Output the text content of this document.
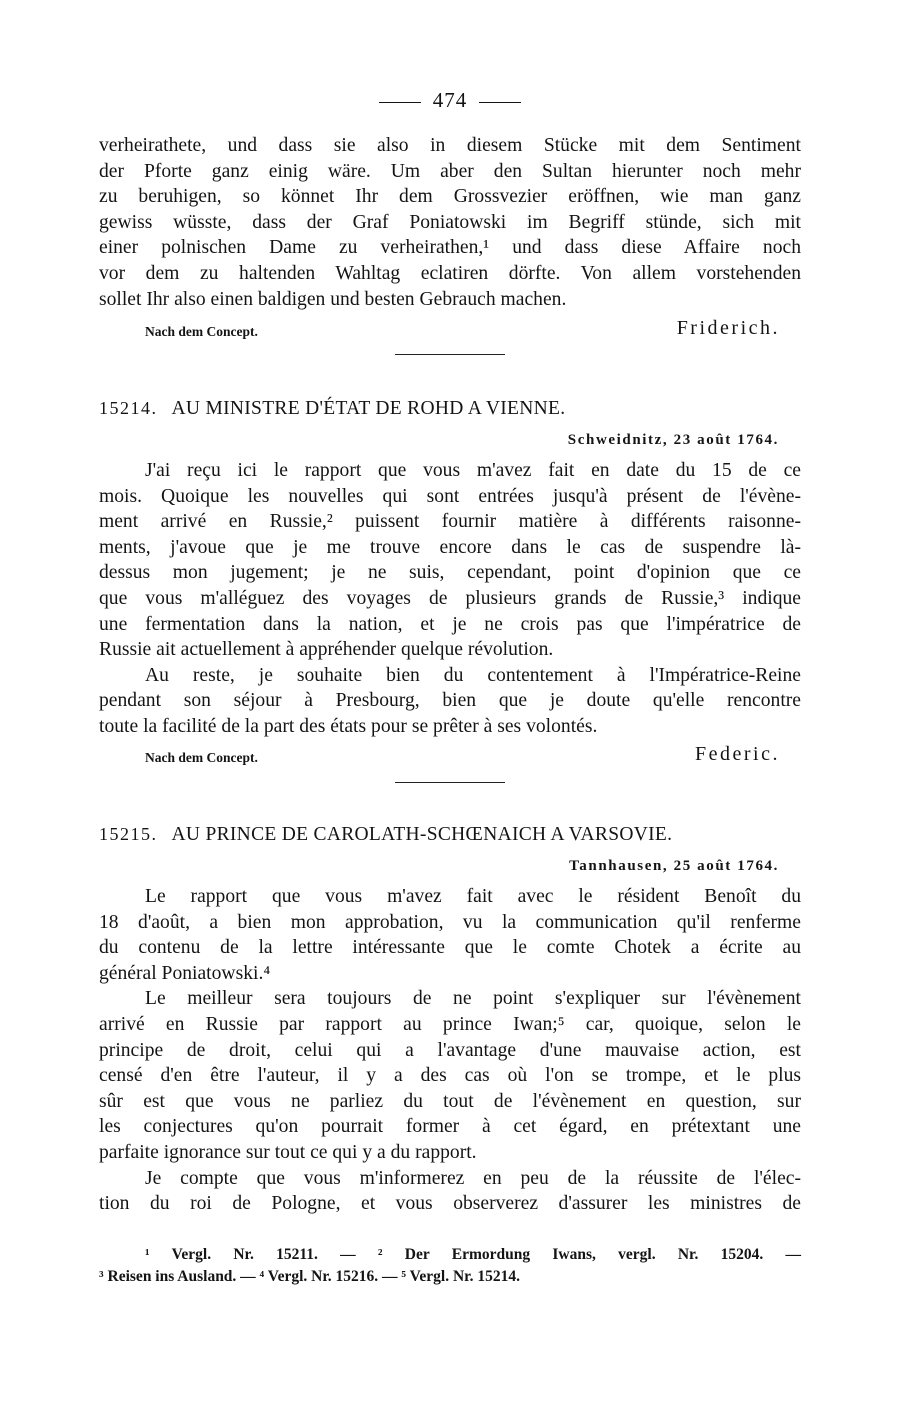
474
verheirathete, und dass sie also in diesem Stücke mit dem Sentiment
der Pforte ganz einig wäre. Um aber den Sultan hierunter noch mehr
zu beruhigen, so könnet Ihr dem Grossvezier eröffnen, wie man ganz
gewiss wüsste, dass der Graf Poniatowski im Begriff stünde, sich mit
einer polnischen Dame zu verheirathen,¹ und dass diese Affaire noch
vor dem zu haltenden Wahltag eclatiren dörfte. Von allem vorstehenden
sollet Ihr also einen baldigen und besten Gebrauch machen.
Nach dem Concept.	Friderich.
15214. AU MINISTRE D'ÉTAT DE ROHD A VIENNE.
Schweidnitz, 23 août 1764.
J'ai reçu ici le rapport que vous m'avez fait en date du 15 de ce
mois. Quoique les nouvelles qui sont entrées jusqu'à présent de l'évène-
ment arrivé en Russie,² puissent fournir matière à différents raisonne-
ments, j'avoue que je me trouve encore dans le cas de suspendre là-
dessus mon jugement; je ne suis, cependant, point d'opinion que ce
que vous m'alléguez des voyages de plusieurs grands de Russie,³ indique
une fermentation dans la nation, et je ne crois pas que l'impératrice de
Russie ait actuellement à appréhender quelque révolution.
Au reste, je souhaite bien du contentement à l'Impératrice-Reine
pendant son séjour à Presbourg, bien que je doute qu'elle rencontre
toute la facilité de la part des états pour se prêter à ses volontés.
Nach dem Concept.	Federic.
15215. AU PRINCE DE CAROLATH-SCHŒNAICH A VARSOVIE.
Tannhausen, 25 août 1764.
Le rapport que vous m'avez fait avec le résident Benoît du
18 d'août, a bien mon approbation, vu la communication qu'il renferme
du contenu de la lettre intéressante que le comte Chotek a écrite au
général Poniatowski.⁴
Le meilleur sera toujours de ne point s'expliquer sur l'évènement
arrivé en Russie par rapport au prince Iwan;⁵ car, quoique, selon le
principe de droit, celui qui a l'avantage d'une mauvaise action, est
censé d'en être l'auteur, il y a des cas où l'on se trompe, et le plus
sûr est que vous ne parliez du tout de l'évènement en question, sur
les conjectures qu'on pourrait former à cet égard, en prétextant une
parfaite ignorance sur tout ce qui y a du rapport.
Je compte que vous m'informerez en peu de la réussite de l'élec-
tion du roi de Pologne, et vous observerez d'assurer les ministres de
¹ Vergl. Nr. 15211. — ² Der Ermordung Iwans, vergl. Nr. 15204. —
³ Reisen ins Ausland. — ⁴ Vergl. Nr. 15216. — ⁵ Vergl. Nr. 15214.
